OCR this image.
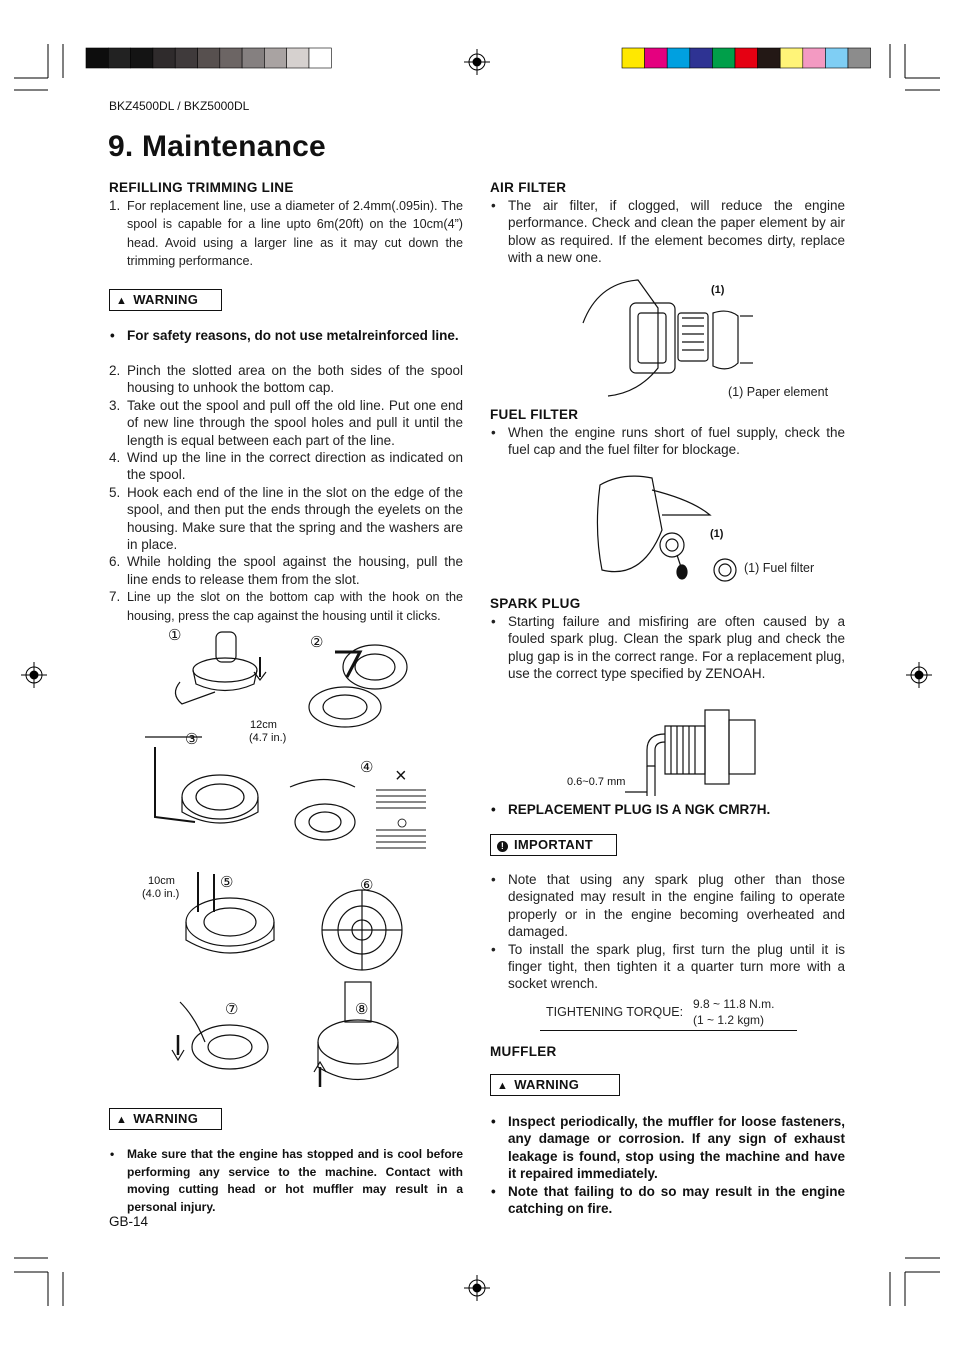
BKZ4500DL / BKZ5000DL
9. Maintenance
REFILLING TRIMMING LINE
1. For replacement line, use a diameter of 2.4mm(.095in). The spool is capable for a line upto 6m(20ft) on the 10cm(4”) head. Avoid using a larger line as it may cut down the trimming performance.
▲ WARNING
• For safety reasons, do not use metalreinforced line.
2. Pinch the slotted area on the both sides of the spool housing to unhook the bottom cap.
3. Take out the spool and pull off the old line. Put one end of new line through the spool holes and pull it until the length is equal between each part of the line.
4. Wind up the line in the correct direction as indicated on the spool.
5. Hook each end of the line in the slot on the edge of the spool, and then put the ends through the eyelets on the housing. Make sure that the spring and the washers are in place.
6. While holding the spool against the housing, pull the line ends to release them from the slot.
7. Line up the slot on the bottom cap with the hook on the housing, press the cap against the housing until it clicks.
12cm
(4.7 in.)
10cm
(4.0 in.)
×
○
①	②
③
④
⑤	⑥
⑦	⑧
▲ WARNING
• Make sure that the engine has stopped and is cool before performing any service to the machine. Contact with moving cutting head or hot muffler may result in a personal injury.
GB-14
AIR FILTER
• The air filter, if clogged, will reduce the engine performance. Check and clean the paper element by air blow as required. If the element becomes dirty, replace with a new one.
(1)
(1) Paper element
FUEL FILTER
• When the engine runs short of fuel supply, check the fuel cap and the fuel filter for blockage.
(1)
(1) Fuel filter
SPARK PLUG
• Starting failure and misfiring are often caused by a fouled spark plug. Clean the spark plug and check the plug gap is in the correct range. For a replacement plug, use the correct type specified by ZENOAH.
0.6~0.7 mm
• REPLACEMENT PLUG IS A NGK CMR7H.
! IMPORTANT
• Note that using any spark plug other than those designated may result in the engine failing to operate properly or in the engine becoming overheated and damaged.
• To install the spark plug, first turn the plug until it is finger tight, then tighten it a quarter turn more with a socket wrench.
TIGHTENING TORQUE:
9.8 ~ 11.8 N.m.
(1 ~ 1.2 kgm)
MUFFLER
▲ WARNING
• Inspect periodically, the muffler for loose fasteners, any damage or corrosion. If any sign of exhaust leakage is found, stop using the machine and have it repaired immediately.
• Note that failing to do so may result in the engine catching on fire.
